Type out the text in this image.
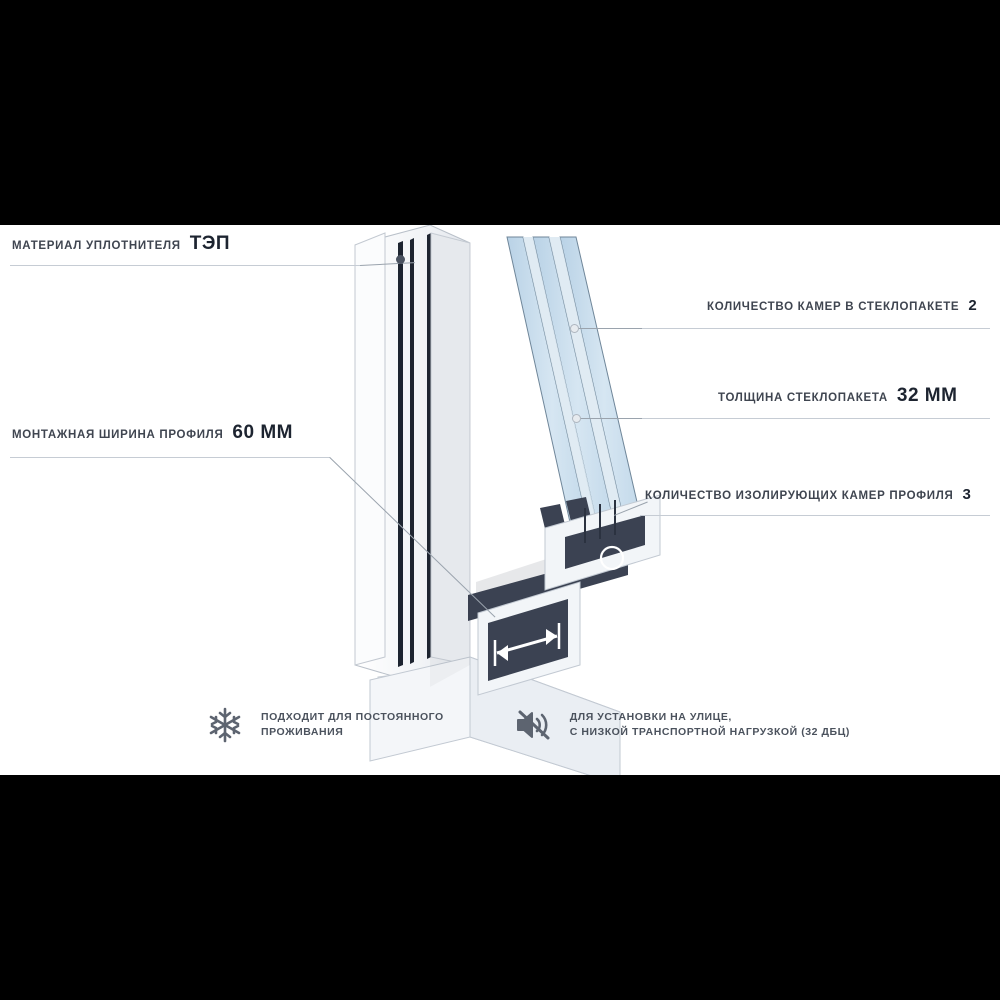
МАТЕРИАЛ УПЛОТНИТЕЛЯ ТЭП
КОЛИЧЕСТВО КАМЕР В СТЕКЛОПАКЕТЕ 2
ТОЛЩИНА СТЕКЛОПАКЕТА 32 ММ
МОНТАЖНАЯ ШИРИНА ПРОФИЛЯ 60 ММ
КОЛИЧЕСТВО ИЗОЛИРУЮЩИХ КАМЕР ПРОФИЛЯ 3
ПОДХОДИТ ДЛЯ ПОСТОЯННОГО
ПРОЖИВАНИЯ
ДЛЯ УСТАНОВКИ НА УЛИЦЕ,
С НИЗКОЙ ТРАНСПОРТНОЙ НАГРУЗКОЙ (32 ДБЦ)
